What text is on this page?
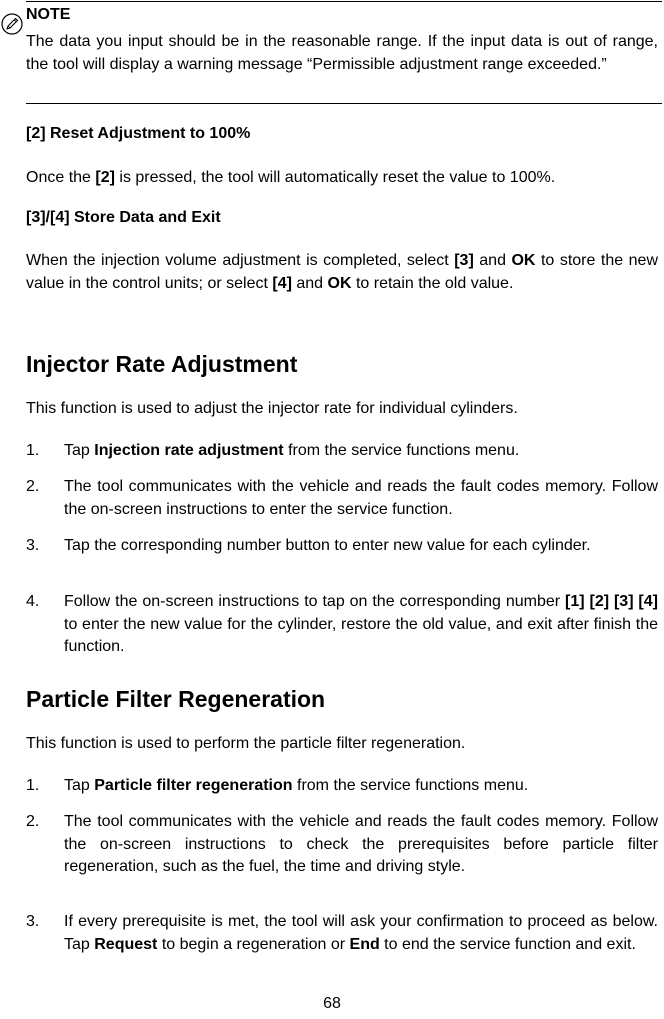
NOTE
The data you input should be in the reasonable range. If the input data is out of range, the tool will display a warning message “Permissible adjustment range exceeded.”
[2] Reset Adjustment to 100%
Once the [2] is pressed, the tool will automatically reset the value to 100%.
[3]/[4] Store Data and Exit
When the injection volume adjustment is completed, select [3] and OK to store the new value in the control units; or select [4] and OK to retain the old value.
Injector Rate Adjustment
This function is used to adjust the injector rate for individual cylinders.
1.	Tap Injection rate adjustment from the service functions menu.
2.	The tool communicates with the vehicle and reads the fault codes memory. Follow the on-screen instructions to enter the service function.
3.	Tap the corresponding number button to enter new value for each cylinder.
4.	Follow the on-screen instructions to tap on the corresponding number [1] [2] [3] [4] to enter the new value for the cylinder, restore the old value, and exit after finish the function.
Particle Filter Regeneration
This function is used to perform the particle filter regeneration.
1.	Tap Particle filter regeneration from the service functions menu.
2.	The tool communicates with the vehicle and reads the fault codes memory. Follow the on-screen instructions to check the prerequisites before particle filter regeneration, such as the fuel, the time and driving style.
3.	If every prerequisite is met, the tool will ask your confirmation to proceed as below. Tap Request to begin a regeneration or End to end the service function and exit.
68
